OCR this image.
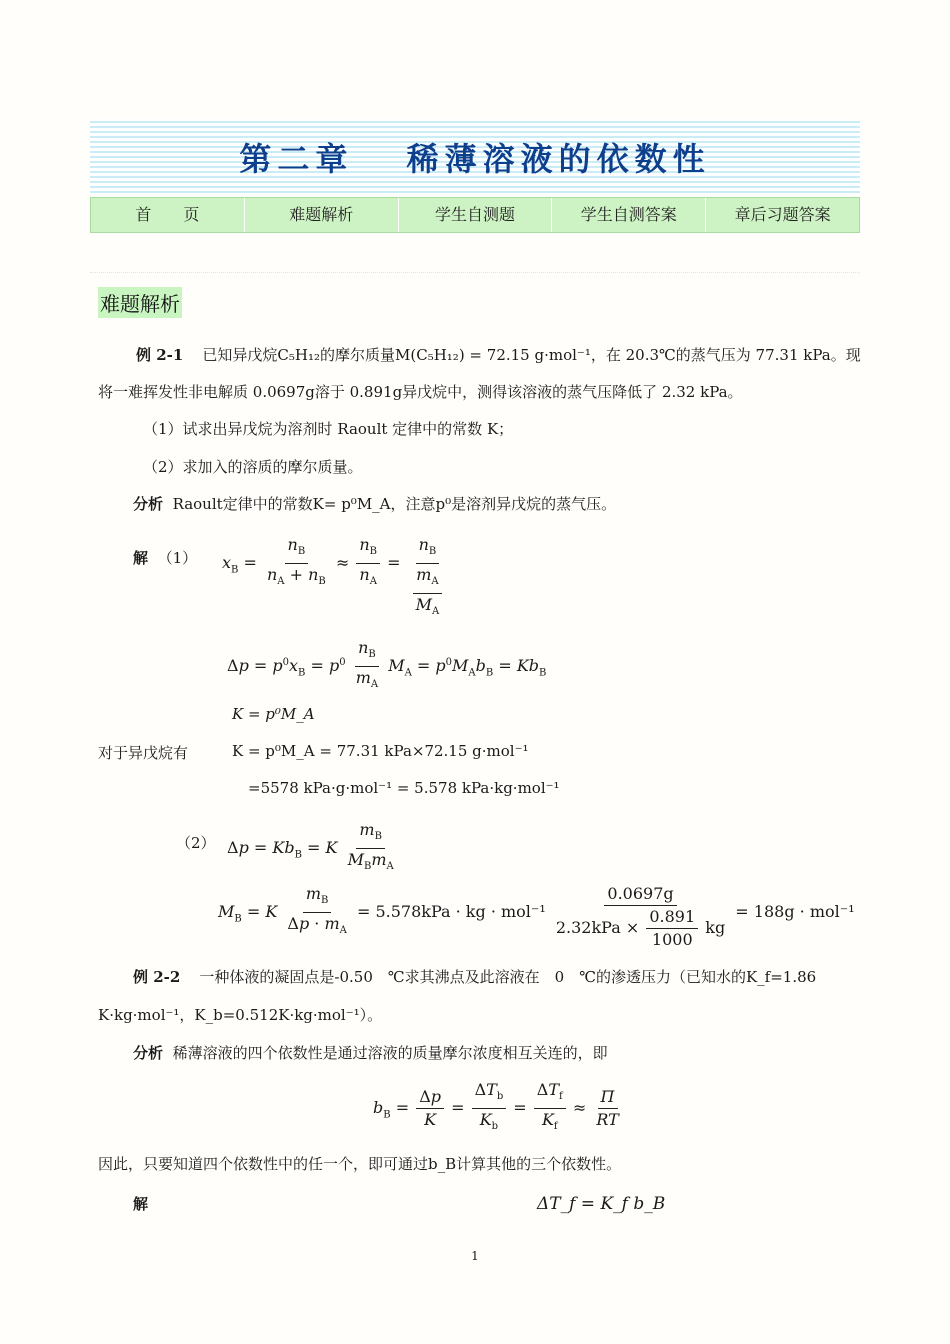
第二章 稀薄溶液的依数性
首　　页	难题解析	学生自测题	学生自测答案	章后习题答案
难题解析
例 2-1 已知异戊烷C₅H₁₂的摩尔质量M(C₅H₁₂) = 72.15 g·mol⁻¹，在 20.3℃的蒸气压为 77.31 kPa。现
将一难挥发性非电解质 0.0697g溶于 0.891g异戊烷中，测得该溶液的蒸气压降低了 2.32 kPa。
（1）试求出异戊烷为溶剂时 Raoult 定律中的常数 K；
（2）求加入的溶质的摩尔质量。
分析 Raoult定律中的常数K= p⁰M_A，注意p⁰是溶剂异戊烷的蒸气压。
解 （1） $x_B = \frac{n_B}{n_A + n_B} \approx \frac{n_B}{n_A} = \frac{n_B}{\frac{m_A}{M_A}}$
$\Delta p = p^0x_B = p^0 \frac{n_B}{m_A} M_A = p^0M_Ab_B = Kb_B$
K = p⁰M_A
对于异戊烷有	K = p⁰M_A = 77.31 kPa×72.15 g·mol⁻¹
=5578 kPa·g·mol⁻¹ = 5.578 kPa·kg·mol⁻¹
（2） $\Delta p = Kb_B = K \frac{m_B}{M_Bm_A}$
$M_B = K \frac{m_B}{\Delta p \cdot m_A} = 5.578kPa$ · kg · $mol^{-1} \frac{0.0697g}{2.32kPa \times \frac{0.891}{1000} kg} = 188g \cdot mol^{-1}$
例 2-2 一种体液的凝固点是-0.50　℃求其沸点及此溶液在　0　℃的渗透压力（已知水的K_f=1.86
K·kg·mol⁻¹，K_b=0.512K·kg·mol⁻¹）。
分析 稀薄溶液的四个依数性是通过溶液的质量摩尔浓度相互关连的，即
$b_B = \frac{\Delta p}{K} = \frac{\Delta T_b}{K_b} = \frac{\Delta T_f}{K_f} \approx \frac{\Pi}{RT}$
因此，只要知道四个依数性中的任一个，即可通过b_B计算其他的三个依数性。
解	ΔT_f = K_f b_B
1
